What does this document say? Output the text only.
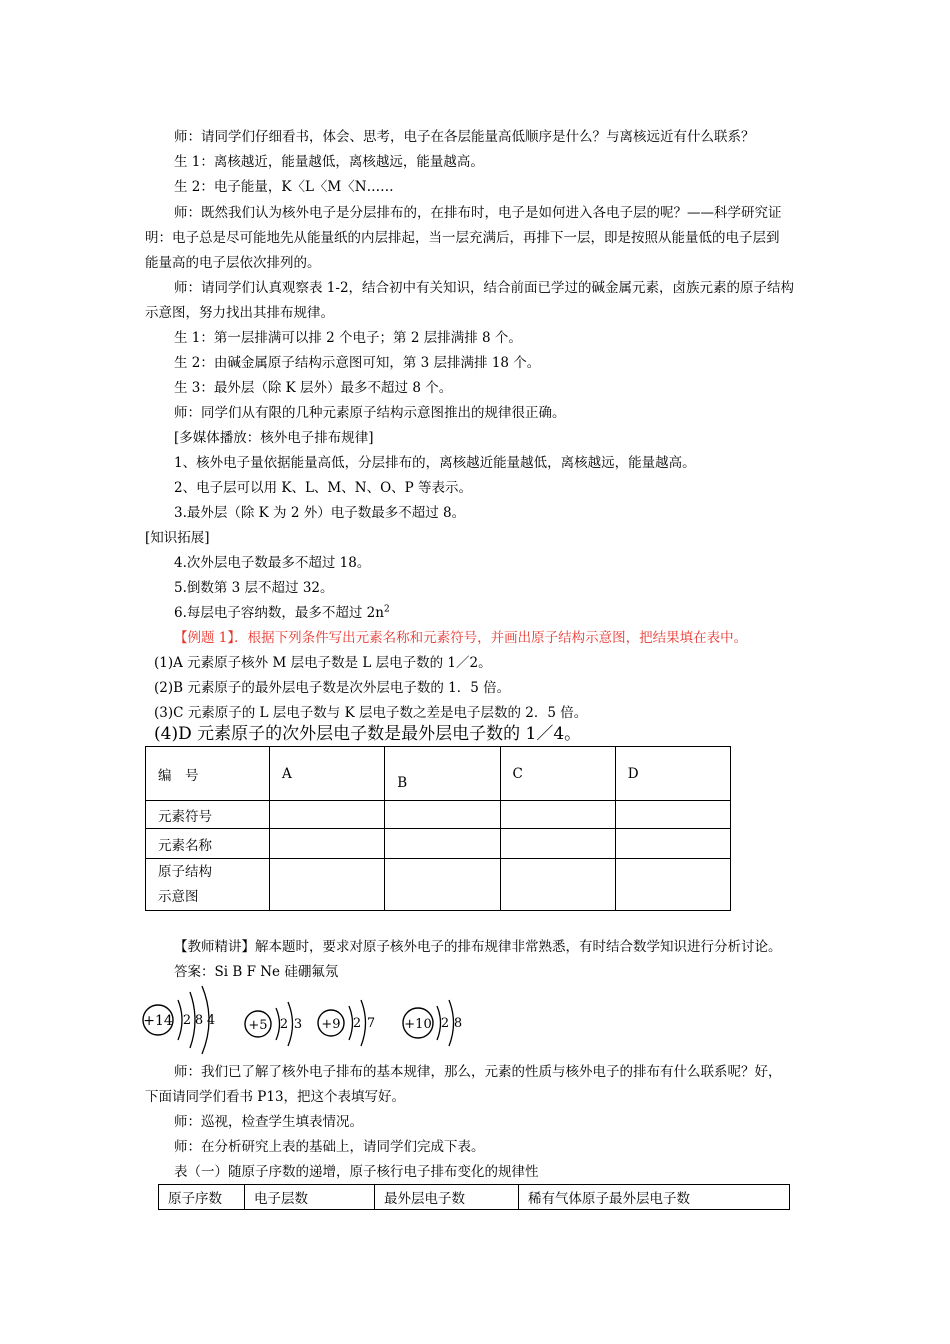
师：请同学们仔细看书，体会、思考，电子在各层能量高低顺序是什么？与离核远近有什么联系？
生 1：离核越近，能量越低，离核越远，能量越高。
生 2：电子能量，K〈L〈M〈N……
师：既然我们认为核外电子是分层排布的，在排布时，电子是如何进入各电子层的呢？——科学研究证
明：电子总是尽可能地先从能量纸的内层排起，当一层充满后，再排下一层，即是按照从能量低的电子层到
能量高的电子层依次排列的。
师：请同学们认真观察表 1-2，结合初中有关知识，结合前面已学过的碱金属元素，卤族元素的原子结构
示意图，努力找出其排布规律。
生 1：第一层排满可以排 2 个电子；第 2 层排满排 8 个。
生 2：由碱金属原子结构示意图可知，第 3 层排满排 18 个。
生 3：最外层（除 K 层外）最多不超过 8 个。
师：同学们从有限的几种元素原子结构示意图推出的规律很正确。
[多媒体播放：核外电子排布规律]
1、核外电子量依据能量高低，分层排布的，离核越近能量越低，离核越远，能量越高。
2、电子层可以用 K、L、M、N、O、P 等表示。
3.最外层（除 K 为 2 外）电子数最多不超过 8。
[知识拓展]
4.次外层电子数最多不超过 18。
5.倒数第 3 层不超过 32。
6.每层电子容纳数，最多不超过 $2n^2$
【例题 1】．根据下列条件写出元素名称和元素符号，并画出原子结构示意图，把结果填在表中。
(1)A 元素原子核外 M 层电子数是 L 层电子数的 1／2。
(2)B 元素原子的最外层电子数是次外层电子数的 1．5 倍。
(3)C 元素原子的 L 层电子数与 K 层电子数之差是电子层数的 2．5 倍。
(4)D 元素原子的次外层电子数是最外层电子数的 1／4。
编　号	A	B	C	D
元素符号				
元素名称				

原子结构
示意图				

【教师精讲】解本题时，要求对原子核外电子的排布规律非常熟悉，有时结合数学知识进行分析讨论。
答案：Si B F Ne 硅硼氟氖
+14 2 8 4	+5 2 3 +9 2 7 +10 2 8
师：我们已了解了核外电子排布的基本规律，那么，元素的性质与核外电子的排布有什么联系呢？好，
下面请同学们看书 P13，把这个表填写好。
师：巡视，检查学生填表情况。
师：在分析研究上表的基础上，请同学们完成下表。
表（一）随原子序数的递增，原子核行电子排布变化的规律性
原子序数	电子层数	最外层电子数	稀有气体原子最外层电子数
